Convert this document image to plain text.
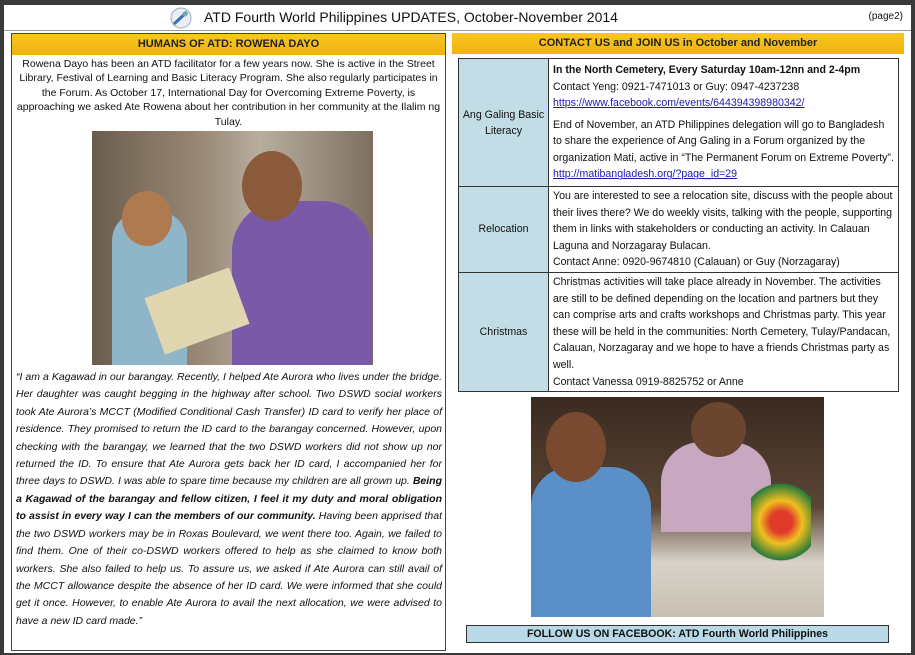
ATD Fourth World Philippines UPDATES, October-November 2014	(page2)
HUMANS OF ATD: ROWENA DAYO
Rowena Dayo has been an ATD facilitator for a few years now. She is active in the Street Library, Festival of Learning and Basic Literacy Program. She also regularly participates in the Forum. As October 17, International Day for Overcoming Extreme Poverty, is approaching we asked Ate Rowena about her contribution in her community at the Ilalim ng Tulay.
“I am a Kagawad in our barangay. Recently, I helped Ate Aurora who lives under the bridge. Her daughter was caught begging in the highway after school. Two DSWD social workers took Ate Aurora’s MCCT (Modified Conditional Cash Transfer) ID card to verify her place of residence. They promised to return the ID card to the barangay concerned. However, upon checking with the barangay, we learned that the two DSWD workers did not show up nor returned the ID. To ensure that Ate Aurora gets back her ID card, I accompanied her for three days to DSWD. I was able to spare time because my children are all grown up. Being a Kagawad of the barangay and fellow citizen, I feel it my duty and moral obligation to assist in every way I can the members of our community. Having been apprised that the two DSWD workers may be in Roxas Boulevard, we went there too. Again, we failed to find them. One of their co-DSWD workers offered to help as she claimed to know both workers. She also failed to help us. To assure us, we asked if Ate Aurora can still avail of the MCCT allowance despite the absence of her ID card. We were informed that she could get it once. However, to enable Ate Aurora to avail the next allocation, we were advised to have a new ID card made.”
CONTACT US and JOIN US in October and November
Ang Galing Basic Literacy	In the North Cemetery, Every Saturday 10am-12nn and 2-4pm
Contact Yeng: 0921-7471013 or Guy: 0947-4237238
https://www.facebook.com/events/644394398980342/
End of November, an ATD Philippines delegation will go to Bangladesh to share the experience of Ang Galing in a Forum organized by the organization Mati, active in “The Permanent Forum on Extreme Poverty”. http://matibangladesh.org/?page_id=29

Relocation	You are interested to see a relocation site, discuss with the people about their lives there? We do weekly visits, talking with the people, supporting them in links with stakeholders or conducting an activity. In Calauan Laguna and Norzagaray Bulacan.
Contact Anne: 0920-9674810 (Calauan) or Guy (Norzagaray)

Christmas	Christmas activities will take place already in November. The activities are still to be defined depending on the location and partners but they can comprise arts and crafts workshops and Christmas party. This year these will be held in the communities: North Cemetery, Tulay/Pandacan, Calauan, Norzagaray and we hope to have a friends Christmas party as well.
Contact Vanessa 0919-8825752 or Anne
FOLLOW US ON FACEBOOK: ATD Fourth World Philippines
